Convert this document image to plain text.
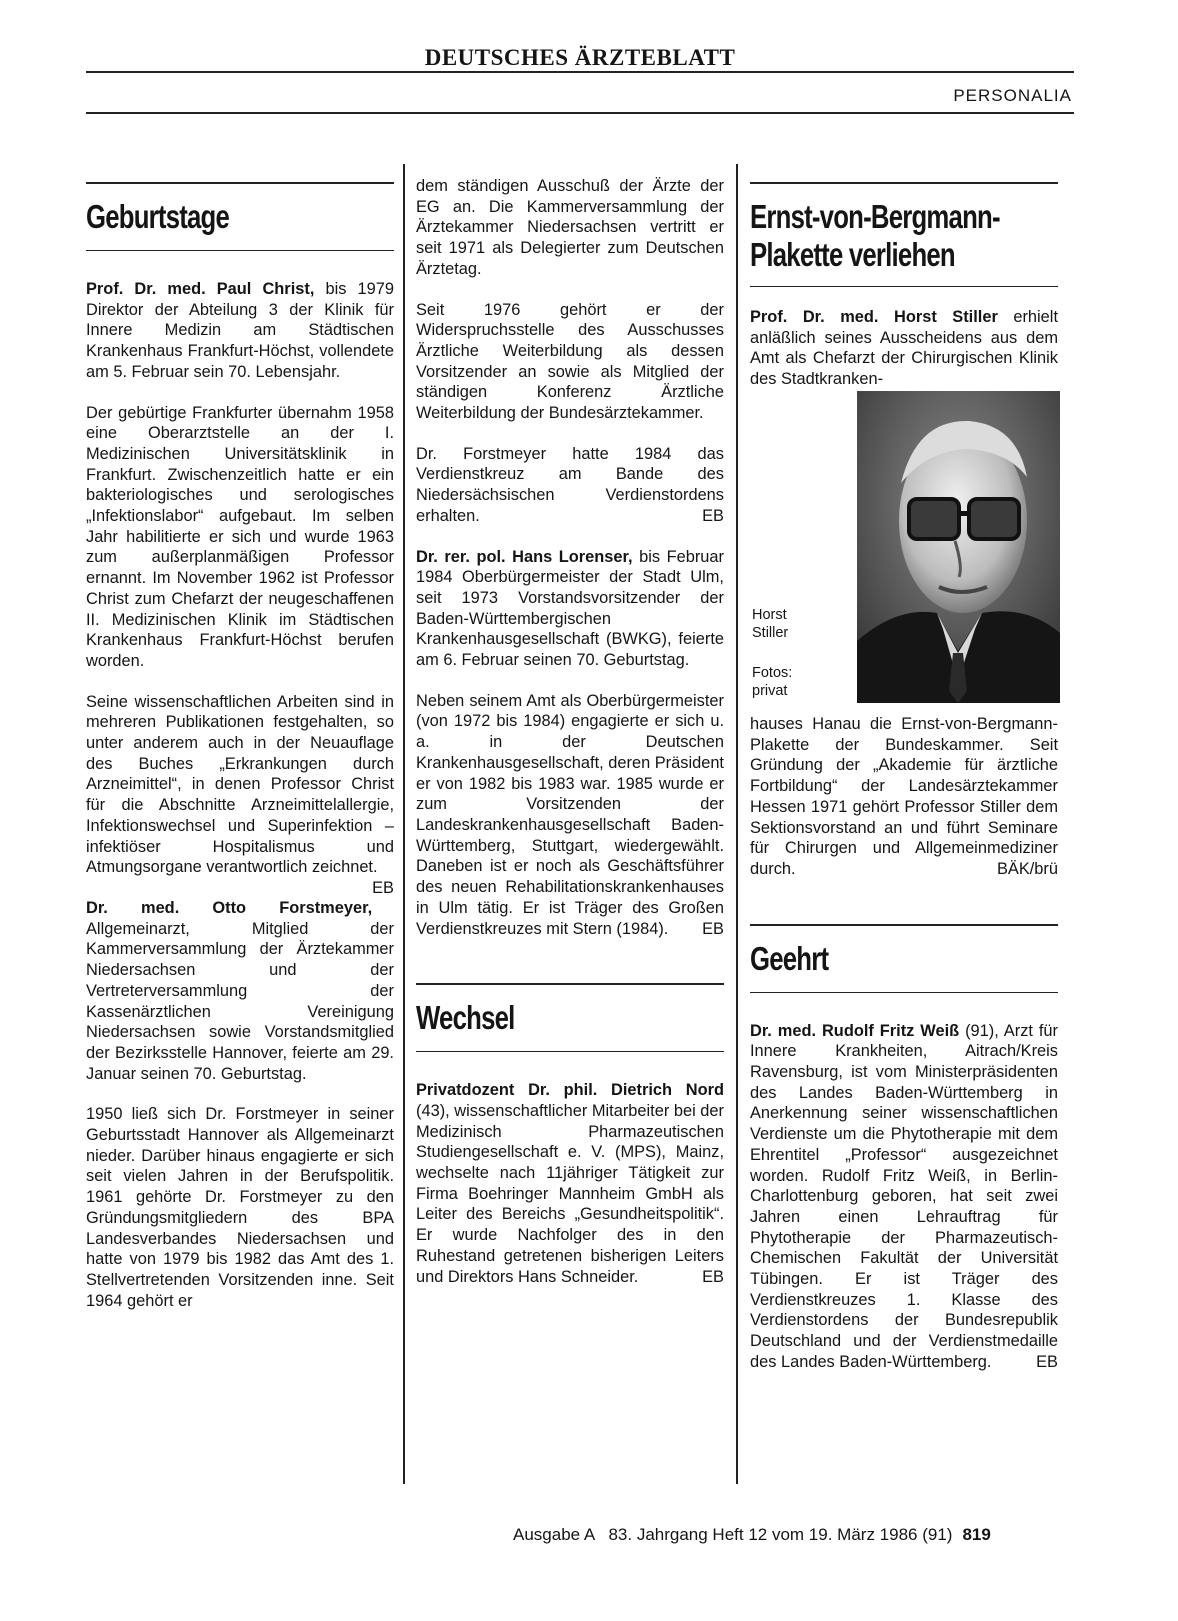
DEUTSCHES ÄRZTEBLATT
PERSONALIA
Geburtstage

Prof. Dr. med. Paul Christ, bis 1979 Direktor der Abteilung 3 der Klinik für Innere Medizin am Städtischen Krankenhaus Frankfurt-Höchst, vollendete am 5. Februar sein 70. Lebensjahr.

Der gebürtige Frankfurter übernahm 1958 eine Oberarztstelle an der I. Medizinischen Universitätsklinik in Frankfurt. Zwischenzeitlich hatte er ein bakteriologisches und serologisches „Infektionslabor“ aufgebaut. Im selben Jahr habilitierte er sich und wurde 1963 zum außerplanmäßigen Professor ernannt. Im November 1962 ist Professor Christ zum Chefarzt der neugeschaffenen II. Medizinischen Klinik im Städtischen Krankenhaus Frankfurt-Höchst berufen worden.

Seine wissenschaftlichen Arbeiten sind in mehreren Publikationen festgehalten, so unter anderem auch in der Neuauflage des Buches „Erkrankungen durch Arzneimittel“, in denen Professor Christ für die Abschnitte Arzneimittelallergie, Infektionswechsel und Superinfektion – infektiöser Hospitalismus und Atmungsorgane verantwortlich zeichnet.
EB

Dr. med. Otto Forstmeyer, Allgemeinarzt, Mitglied der Kammerversammlung der Ärztekammer Niedersachsen und der Vertreterversammlung der Kassenärztlichen Vereinigung Niedersachsen sowie Vorstandsmitglied der Bezirksstelle Hannover, feierte am 29. Januar seinen 70. Geburtstag.

1950 ließ sich Dr. Forstmeyer in seiner Geburtsstadt Hannover als Allgemeinarzt nieder. Darüber hinaus engagierte er sich seit vielen Jahren in der Berufspolitik. 1961 gehörte Dr. Forstmeyer zu den Gründungsmitgliedern des BPA Landesverbandes Niedersachsen und hatte von 1979 bis 1982 das Amt des 1. Stellvertretenden Vorsitzenden inne. Seit 1964 gehört er

dem ständigen Ausschuß der Ärzte der EG an. Die Kammerversammlung der Ärztekammer Niedersachsen vertritt er seit 1971 als Delegierter zum Deutschen Ärztetag.

Seit 1976 gehört er der Widerspruchsstelle des Ausschusses Ärztliche Weiterbildung als dessen Vorsitzender an sowie als Mitglied der ständigen Konferenz Ärztliche Weiterbildung der Bundesärztekammer.

Dr. Forstmeyer hatte 1984 das Verdienstkreuz am Bande des Niedersächsischen Verdienstordens erhalten.	EB

Dr. rer. pol. Hans Lorenser, bis Februar 1984 Oberbürgermeister der Stadt Ulm, seit 1973 Vorstandsvorsitzender der Baden-Württembergischen Krankenhausgesellschaft (BWKG), feierte am 6. Februar seinen 70. Geburtstag.

Neben seinem Amt als Oberbürgermeister (von 1972 bis 1984) engagierte er sich u. a. in der Deutschen Krankenhausgesellschaft, deren Präsident er von 1982 bis 1983 war. 1985 wurde er zum Vorsitzenden der Landeskrankenhausgesellschaft Baden-Württemberg, Stuttgart, wiedergewählt. Daneben ist er noch als Geschäftsführer des neuen Rehabilitationskrankenhauses in Ulm tätig. Er ist Träger des Großen Verdienstkreuzes mit Stern (1984). EB

Wechsel

Privatdozent Dr. phil. Dietrich Nord (43), wissenschaftlicher Mitarbeiter bei der Medizinisch Pharmazeutischen Studiengesellschaft e. V. (MPS), Mainz, wechselte nach 11jähriger Tätigkeit zur Firma Boehringer Mannheim GmbH als Leiter des Bereichs „Gesundheitspolitik“. Er wurde Nachfolger des in den Ruhestand getretenen bisherigen Leiters und Direktors Hans Schneider.	EB

Ernst-von-Bergmann-
Plakette verliehen

Prof. Dr. med. Horst Stiller erhielt anläßlich seines Ausscheidens aus dem Amt als Chefarzt der Chirurgischen Klinik des Stadtkranken-

Horst
Stiller
Fotos:
privat

hauses Hanau die Ernst-von-Bergmann-Plakette der Bundeskammer. Seit Gründung der „Akademie für ärztliche Fortbildung“ der Landesärztekammer Hessen 1971 gehört Professor Stiller dem Sektionsvorstand an und führt Seminare für Chirurgen und Allgemeinmediziner durch.	BÄK/brü

Geehrt

Dr. med. Rudolf Fritz Weiß (91), Arzt für Innere Krankheiten, Aitrach/Kreis Ravensburg, ist vom Ministerpräsidenten des Landes Baden-Württemberg in Anerkennung seiner wissenschaftlichen Verdienste um die Phytotherapie mit dem Ehrentitel „Professor“ ausgezeichnet worden. Rudolf Fritz Weiß, in Berlin-Charlottenburg geboren, hat seit zwei Jahren einen Lehrauftrag für Phytotherapie der Pharmazeutisch-Chemischen Fakultät der Universität Tübingen. Er ist Träger des Verdienstkreuzes 1. Klasse des Verdienstordens der Bundesrepublik Deutschland und der Verdienstmedaille des Landes Baden-Württemberg.	EB

Ausgabe A   83. Jahrgang Heft 12 vom 19. März 1986 (91) 819
